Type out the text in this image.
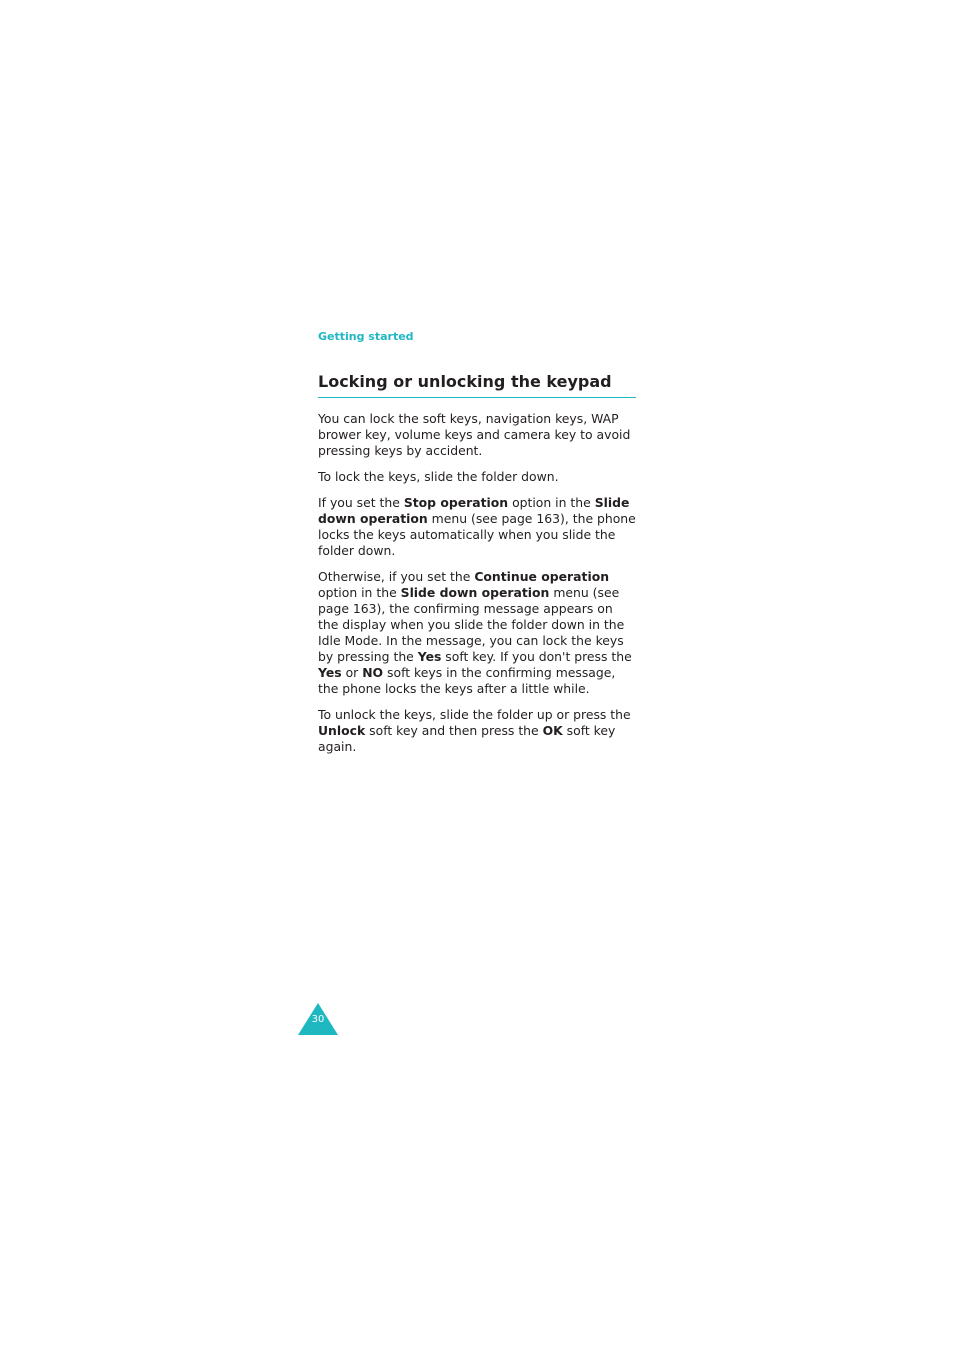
Getting started
Locking or unlocking the keypad

You can lock the soft keys, navigation keys, WAP brower key, volume keys and camera key to avoid pressing keys by accident.

To lock the keys, slide the folder down.

If you set the Stop operation option in the Slide down operation menu (see page 163), the phone locks the keys automatically when you slide the folder down.

Otherwise, if you set the Continue operation option in the Slide down operation menu (see page 163), the confirming message appears on the display when you slide the folder down in the Idle Mode. In the message, you can lock the keys by pressing the Yes soft key. If you don't press the Yes or NO soft keys in the confirming message, the phone locks the keys after a little while.

To unlock the keys, slide the folder up or press the Unlock soft key and then press the OK soft key again.

30
